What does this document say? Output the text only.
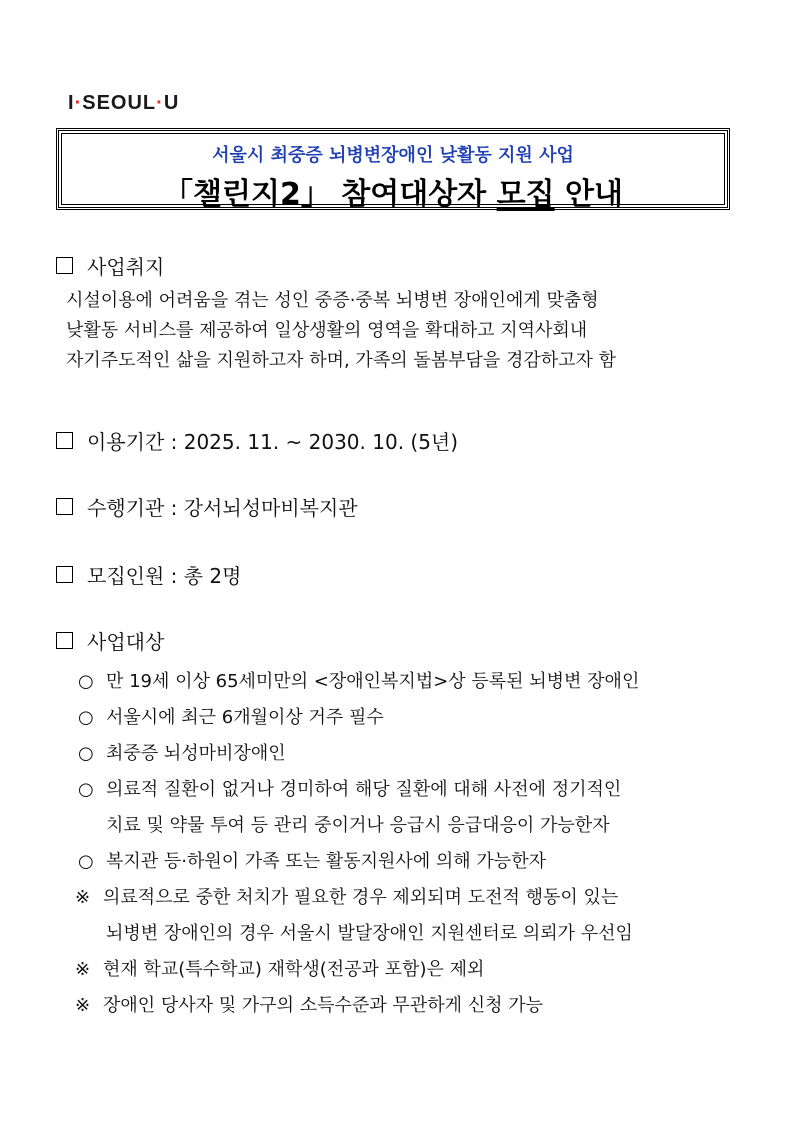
I·SEOUL·U
서울시 최중증 뇌병변장애인 낮활동 지원 사업
「챌린지2」 참여대상자 모집 안내
사업취지
시설이용에 어려움을 겪는 성인 중증·중복 뇌병변 장애인에게 맞춤형
낮활동 서비스를 제공하여 일상생활의 영역을 확대하고 지역사회내
자기주도적인 삶을 지원하고자 하며, 가족의 돌봄부담을 경감하고자 함
이용기간 : 2025. 11. ~ 2030. 10. (5년)
수행기관 : 강서뇌성마비복지관
모집인원 : 총 2명
사업대상
○ 만 19세 이상 65세미만의 <장애인복지법>상 등록된 뇌병변 장애인
○ 서울시에 최근 6개월이상 거주 필수
○ 최중증 뇌성마비장애인
○ 의료적 질환이 없거나 경미하여 해당 질환에 대해 사전에 정기적인
치료 및 약물 투여 등 관리 중이거나 응급시 응급대응이 가능한자
○ 복지관 등·하원이 가족 또는 활동지원사에 의해 가능한자
※ 의료적으로 중한 처치가 필요한 경우 제외되며 도전적 행동이 있는
뇌병변 장애인의 경우 서울시 발달장애인 지원센터로 의뢰가 우선임
※ 현재 학교(특수학교) 재학생(전공과 포함)은 제외
※ 장애인 당사자 및 가구의 소득수준과 무관하게 신청 가능
